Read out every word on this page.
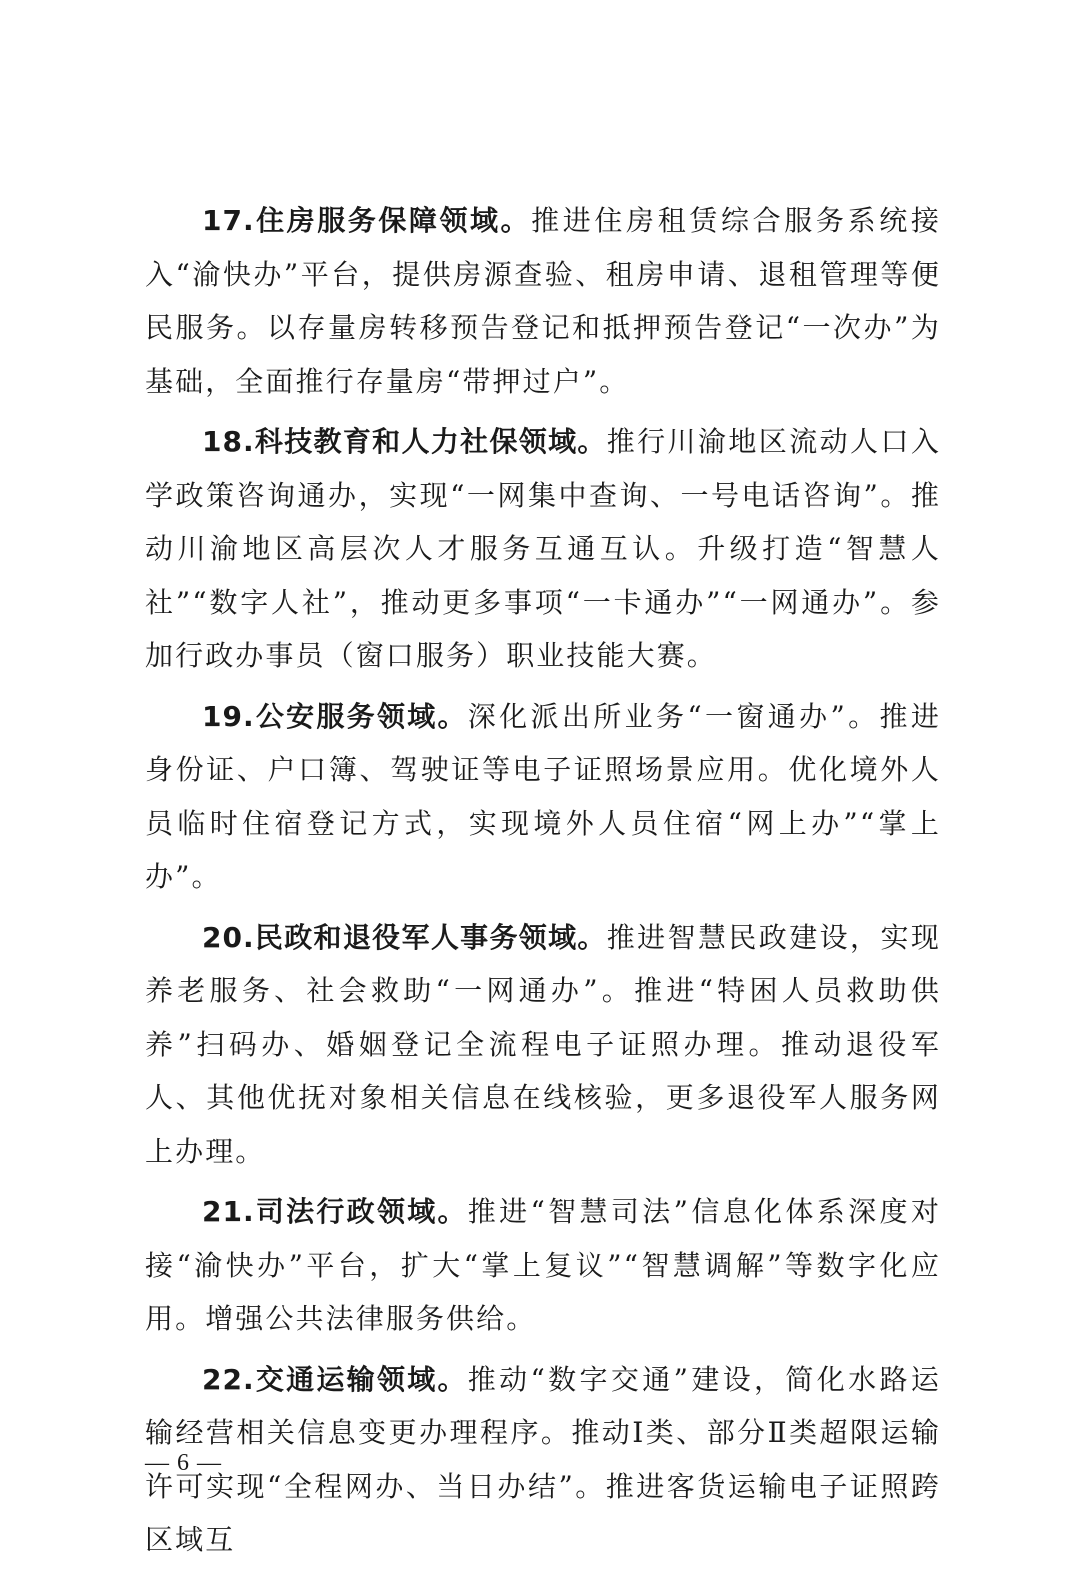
17.住房服务保障领域。推进住房租赁综合服务系统接入“渝快办”平台，提供房源查验、租房申请、退租管理等便民服务。以存量房转移预告登记和抵押预告登记“一次办”为基础，全面推行存量房“带押过户”。

18.科技教育和人力社保领域。推行川渝地区流动人口入学政策咨询通办，实现“一网集中查询、一号电话咨询”。推动川渝地区高层次人才服务互通互认。升级打造“智慧人社”“数字人社”，推动更多事项“一卡通办”“一网通办”。参加行政办事员（窗口服务）职业技能大赛。

19.公安服务领域。深化派出所业务“一窗通办”。推进身份证、户口簿、驾驶证等电子证照场景应用。优化境外人员临时住宿登记方式，实现境外人员住宿“网上办”“掌上办”。

20.民政和退役军人事务领域。推进智慧民政建设，实现养老服务、社会救助“一网通办”。推进“特困人员救助供养”扫码办、婚姻登记全流程电子证照办理。推动退役军人、其他优抚对象相关信息在线核验，更多退役军人服务网上办理。

21.司法行政领域。推进“智慧司法”信息化体系深度对接“渝快办”平台，扩大“掌上复议”“智慧调解”等数字化应用。增强公共法律服务供给。

22.交通运输领域。推动“数字交通”建设，简化水路运输经营相关信息变更办理程序。推动Ⅰ类、部分Ⅱ类超限运输许可实现“全程网办、当日办结”。推进客货运输电子证照跨区域互

— 6 —
